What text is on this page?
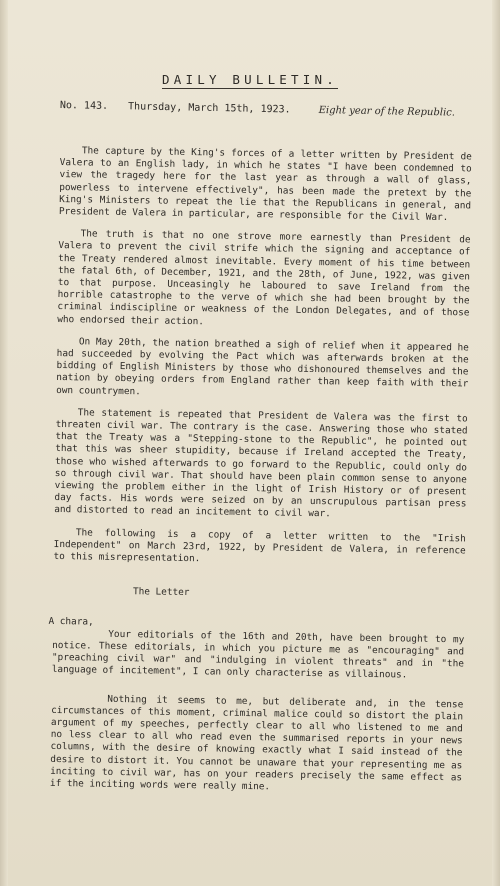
DAILY BULLETIN.
No. 143. Thursday, March 15th, 1923.	Eight year of the Republic.

The capture by the King's forces of a letter written by President de Valera to an English lady, in which he states "I have been condemned to view the tragedy here for the last year as through a wall of glass, powerless to intervene effectively", has been made the pretext by the King's Ministers to repeat the lie that the Republicans in general, and President de Valera in particular, are responsible for the Civil War.

The truth is that no one strove more earnestly than President de Valera to prevent the civil strife which the signing and acceptance of the Treaty rendered almost inevitable. Every moment of his time between the fatal 6th, of December, 1921, and the 28th, of June, 1922, was given to that purpose. Unceasingly he laboured to save Ireland from the horrible catastrophe to the verve of which she had been brought by the criminal indiscipline or weakness of the London Delegates, and of those who endorsed their action.

On May 20th, the nation breathed a sigh of relief when it appeared he had succeeded by evolving the Pact which was afterwards broken at the bidding of English Ministers by those who dishonoured themselves and the nation by obeying orders from England rather than keep faith with their own countrymen.

The statement is repeated that President de Valera was the first to threaten civil war. The contrary is the case. Answering those who stated that the Treaty was a "Stepping-stone to the Republic", he pointed out that this was sheer stupidity, because if Ireland accepted the Treaty, those who wished afterwards to go forward to the Republic, could only do so through civil war. That should have been plain common sense to anyone viewing the problem either in the light of Irish History or of present day facts. His words were seized on by an unscrupulous partisan press and distorted to read an incitement to civil war.

The following is a copy of a letter written to the "Irish Independent" on March 23rd, 1922, by President de Valera, in reference to this misrepresentation.

The Letter

A chara,

Your editorials of the 16th and 20th, have been brought to my notice. These editorials, in which you picture me as "encouraging" and "preaching civil war" and "indulging in violent threats" and in "the language of incitement", I can only characterise as villainous.

Nothing it seems to me, but deliberate and, in the tense circumstances of this moment, criminal malice could so distort the plain argument of my speeches, perfectly clear to all who listened to me and no less clear to all who read even the summarised reports in your news columns, with the desire of knowing exactly what I said instead of the desire to distort it. You cannot be unaware that your representing me as inciting to civil war, has on your readers precisely the same effect as if the inciting words were really mine.
